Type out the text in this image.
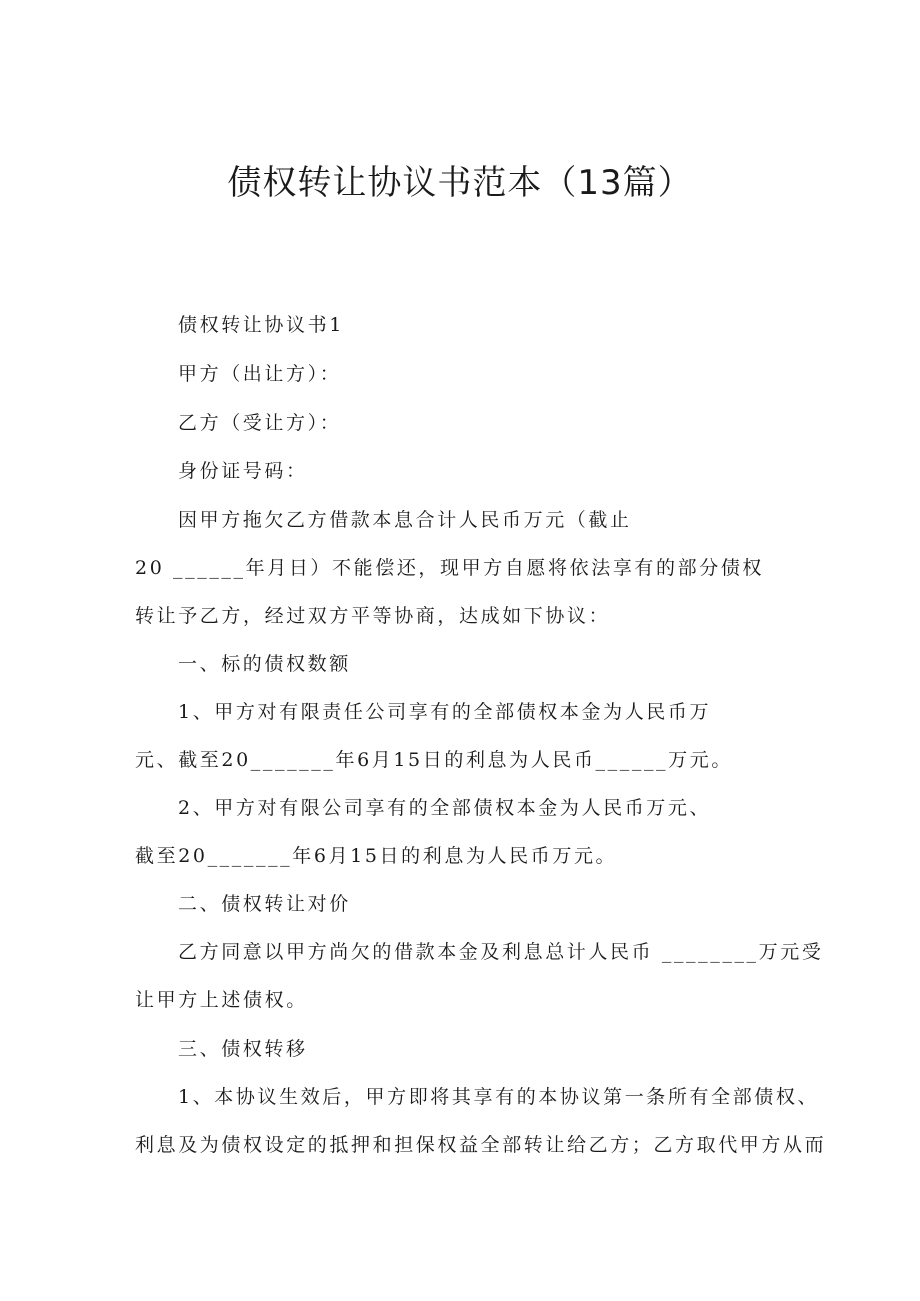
债权转让协议书范本（13篇）

债权转让协议书1

甲方（出让方）：

乙方（受让方）：

身份证号码：

因甲方拖欠乙方借款本息合计人民币万元（截止

20 ______年月日）不能偿还，现甲方自愿将依法享有的部分债权

转让予乙方，经过双方平等协商，达成如下协议：

一、标的债权数额

1、甲方对有限责任公司享有的全部债权本金为人民币万

元、截至20_______年6月15日的利息为人民币______万元。

2、甲方对有限公司享有的全部债权本金为人民币万元、

截至20_______年6月15日的利息为人民币万元。

二、债权转让对价

乙方同意以甲方尚欠的借款本金及利息总计人民币 ________万元受

让甲方上述债权。

三、债权转移

1、本协议生效后，甲方即将其享有的本协议第一条所有全部债权、

利息及为债权设定的抵押和担保权益全部转让给乙方；乙方取代甲方从而
